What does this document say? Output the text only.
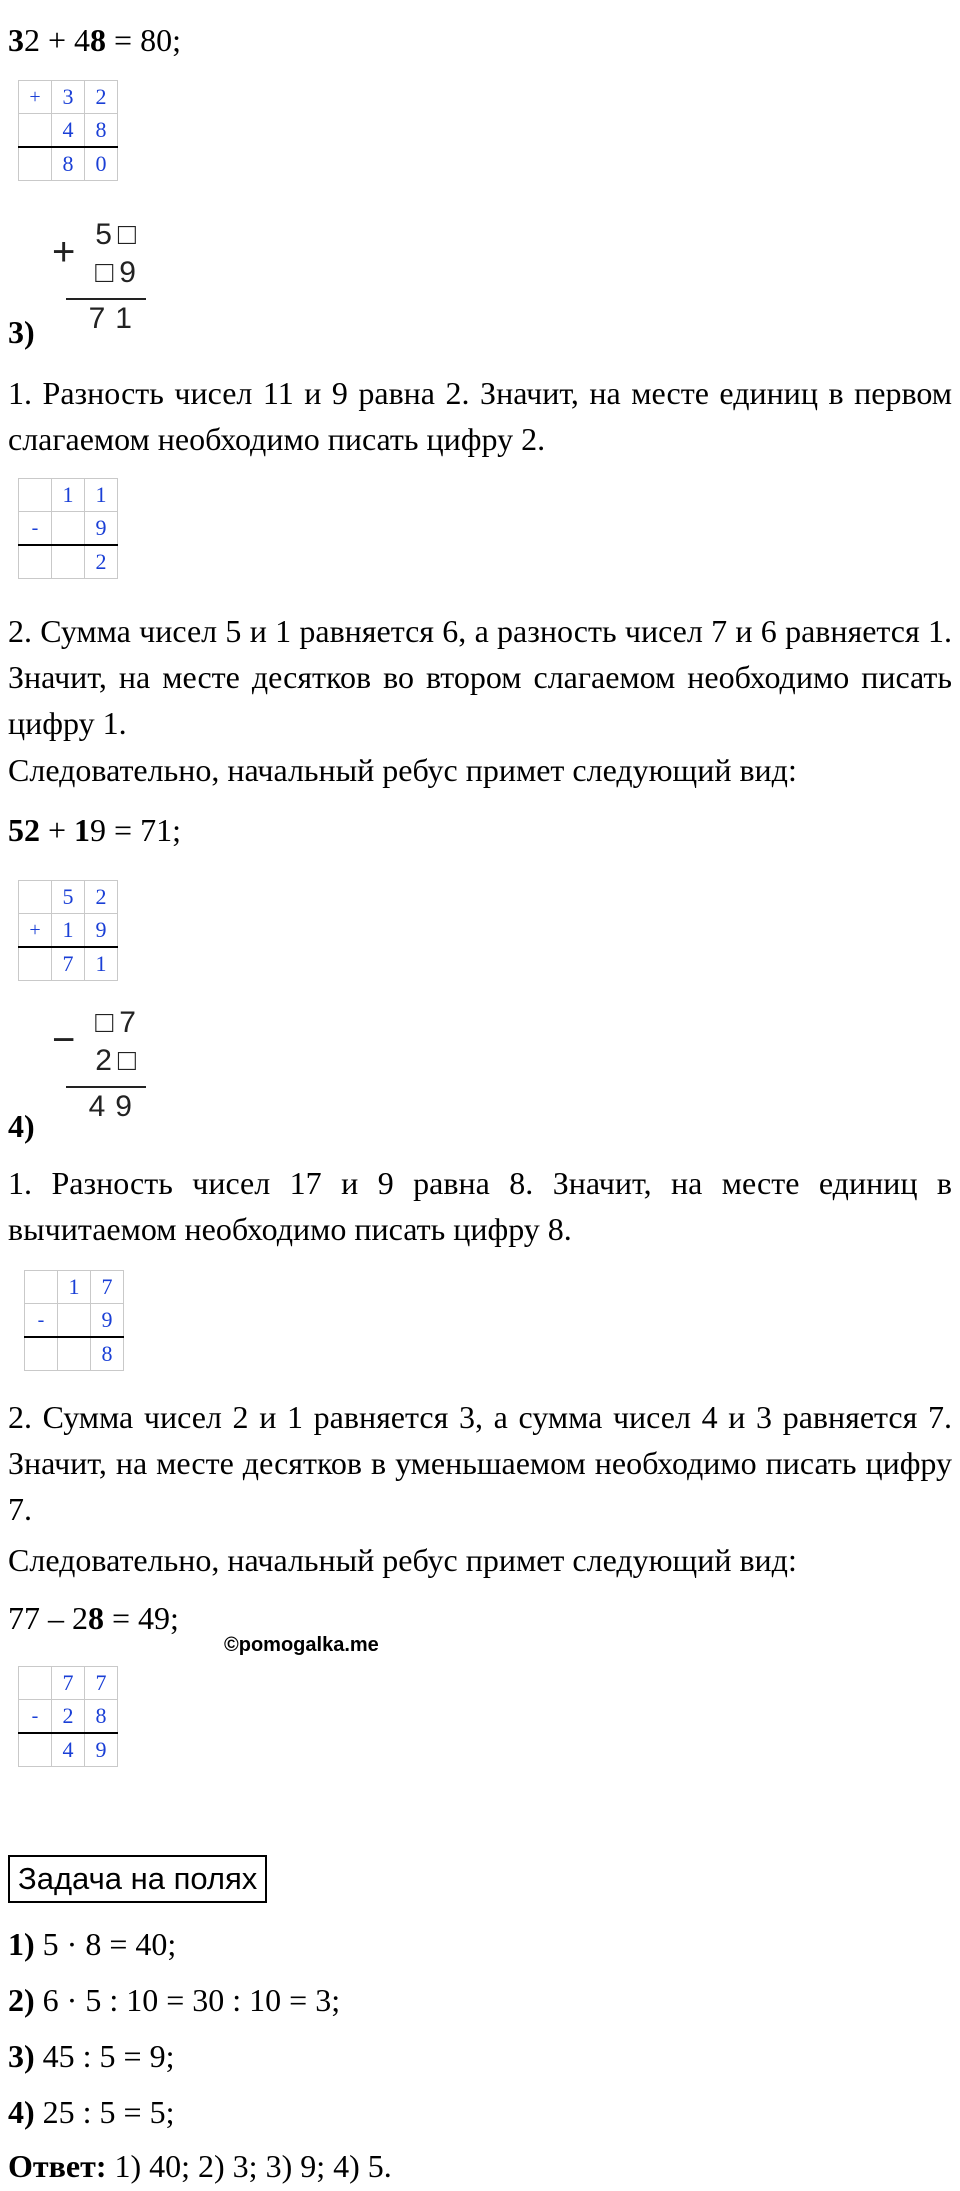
32 + 48 = 80;
+	3	2
	4	8
	8	0
+ 5□
□9
71
3)
1. Разность чисел 11 и 9 равна 2. Значит, на месте единиц в первом слагаемом необходимо писать цифру 2.
	1	1
-		9
		2
2. Сумма чисел 5 и 1 равняется 6, а разность чисел 7 и 6 равняется 1. Значит, на месте десятков во втором слагаемом необходимо писать цифру 1.
Следовательно, начальный ребус примет следующий вид:
52 + 19 = 71;
	5	2
+	1	9
	7	1
− □7
2□
49
4)
1. Разность чисел 17 и 9 равна 8. Значит, на месте единиц в вычитаемом необходимо писать цифру 8.
	1	7
-		9
		8
2. Сумма чисел 2 и 1 равняется 3, а сумма чисел 4 и 3 равняется 7. Значит, на месте десятков в уменьшаемом необходимо писать цифру 7.
Следовательно, начальный ребус примет следующий вид:
77 – 28 = 49;
©pomogalka.me
	7	7
-	2	8
	4	9
Задача на полях
1) 5 · 8 = 40;
2) 6 · 5 : 10 = 30 : 10 = 3;
3) 45 : 5 = 9;
4) 25 : 5 = 5;
Ответ: 1) 40; 2) 3; 3) 9; 4) 5.
